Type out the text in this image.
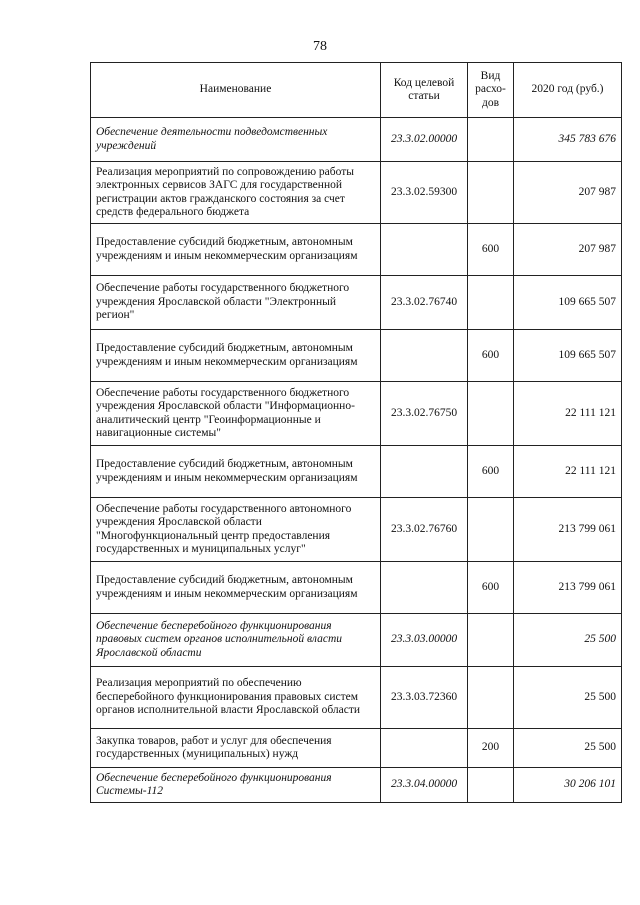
78
Наименование	Код целевой статьи	Вид расхо-дов	2020 год (руб.)
Обеспечение деятельности подведомственных учреждений	23.3.02.00000		345 783 676
Реализация мероприятий по сопровождению работы электронных сервисов ЗАГС для государственной регистрации актов гражданского состояния за счет средств федерального бюджета	23.3.02.59300		207 987
Предоставление субсидий бюджетным, автономным учреждениям и иным некоммерческим организациям		600	207 987
Обеспечение работы государственного бюджетного учреждения Ярославской области "Электронный регион"	23.3.02.76740		109 665 507
Предоставление субсидий бюджетным, автономным учреждениям и иным некоммерческим организациям		600	109 665 507
Обеспечение работы государственного бюджетного учреждения Ярославской области "Информационно-аналитический центр "Геоинформационные и навигационные системы"	23.3.02.76750		22 111 121
Предоставление субсидий бюджетным, автономным учреждениям и иным некоммерческим организациям		600	22 111 121
Обеспечение работы государственного автономного учреждения Ярославской области "Многофункциональный центр предоставления государственных и муниципальных услуг"	23.3.02.76760		213 799 061
Предоставление субсидий бюджетным, автономным учреждениям и иным некоммерческим организациям		600	213 799 061
Обеспечение бесперебойного функционирования правовых систем органов исполнительной власти Ярославской области	23.3.03.00000		25 500
Реализация мероприятий по обеспечению бесперебойного функционирования правовых систем органов исполнительной власти Ярославской области	23.3.03.72360		25 500
Закупка товаров, работ и услуг для обеспечения государственных (муниципальных) нужд		200	25 500
Обеспечение бесперебойного функционирования Системы-112	23.3.04.00000		30 206 101
